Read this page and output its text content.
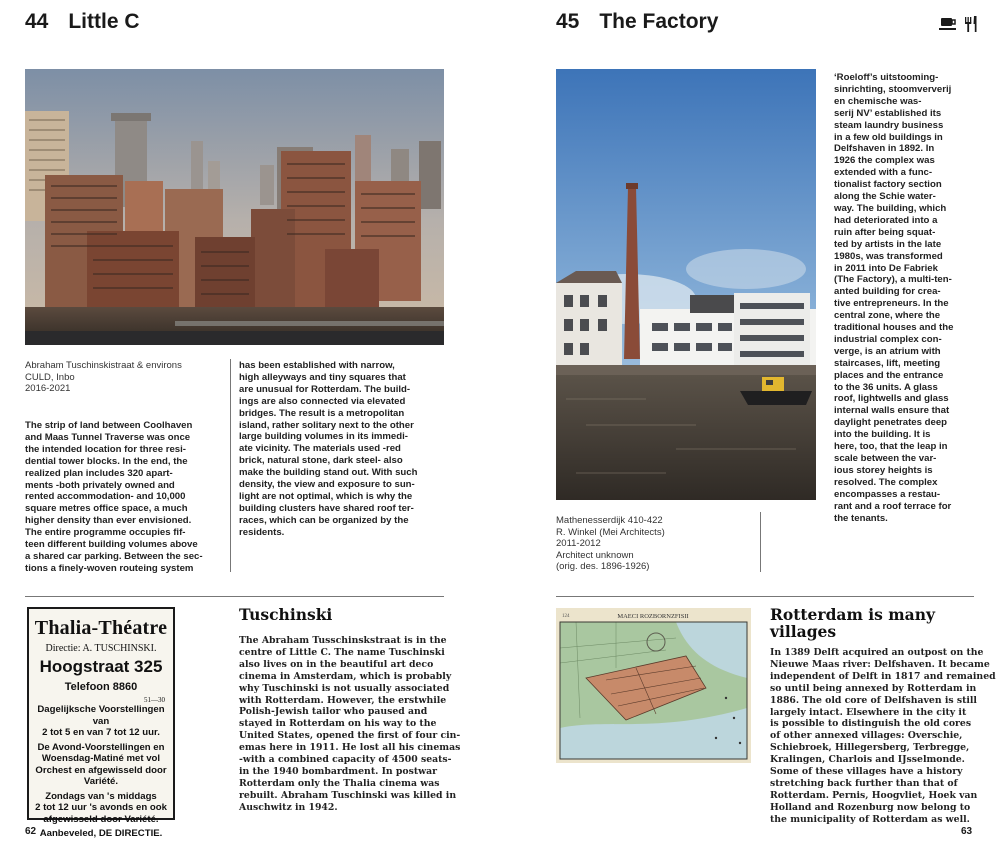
44 Little C
Abraham Tuschinskistraat & environs
CULD, Inbo
2016-2021
The strip of land between Coolhaven
and Maas Tunnel Traverse was once
the intended location for three resi-
dential tower blocks. In the end, the
realized plan includes 320 apart-
ments -both privately owned and
rented accommodation- and 10,000
square metres office space, a much
higher density than ever envisioned.
The entire programme occupies fif-
teen different building volumes above
a shared car parking. Between the sec-
tions a finely-woven routeing system
has been established with narrow,
high alleyways and tiny squares that
are unusual for Rotterdam. The build-
ings are also connected via elevated
bridges. The result is a metropolitan
island, rather solitary next to the other
large building volumes in its immedi-
ate vicinity. The materials used -red
brick, natural stone, dark steel- also
make the building stand out. With such
density, the view and exposure to sun-
light are not optimal, which is why the
building clusters have shared roof ter-
races, which can be organized by the
residents.
Thalia-Théatre
Directie: A. TUSCHINSKI.
Hoogstraat 325
Telefoon 8860
51—30
Dagelijksche Voorstellingen van
2 tot 5 en van 7 tot 12 uur.
De Avond-Voorstellingen en
Woensdag-Matiné met vol
Orchest en afgewisseld door
Variété.
Zondags van 's middags
2 tot 12 uur 's avonds en ook
afgewisseld door Variété.
Aanbeveled, DE DIRECTIE.
Tuschinski
The Abraham Tusschinskstraat is in the
centre of Little C. The name Tuschinski
also lives on in the beautiful art deco
cinema in Amsterdam, which is probably
why Tuschinski is not usually associated
with Rotterdam. However, the erstwhile
Polish-Jewish tailor who paused and
stayed in Rotterdam on his way to the
United States, opened the first of four cin-
emas here in 1911. He lost all his cinemas
-with a combined capacity of 4500 seats-
in the 1940 bombardment. In postwar
Rotterdam only the Thalia cinema was
rebuilt. Abraham Tuschinski was killed in
Auschwitz in 1942.
62
45 The Factory
Mathenesserdijk 410-422
R. Winkel (Mei Architects)
2011-2012
Architect unknown
(orig. des. 1896-1926)
‘Roeloff’s uitstooming-
sinrichting, stoomververij
en chemische was-
serij NV’ established its
steam laundry business
in a few old buildings in
Delfshaven in 1892. In
1926 the complex was
extended with a func-
tionalist factory section
along the Schie water-
way. The building, which
had deteriorated into a
ruin after being squat-
ted by artists in the late
1980s, was transformed
in 2011 into De Fabriek
(The Factory), a multi-ten-
anted building for crea-
tive entrepreneurs. In the
central zone, where the
traditional houses and the
industrial complex con-
verge, is an atrium with
staircases, lift, meeting
places and the entrance
to the 36 units. A glass
roof, lightwells and glass
internal walls ensure that
daylight penetrates deep
into the building. It is
here, too, that the leap in
scale between the var-
ious storey heights is
resolved. The complex
encompasses a restau-
rant and a roof terrace for
the tenants.
MAECI ROZBORNZFISII
124	Rotterdam is many
villages
In 1389 Delft acquired an outpost on the
Nieuwe Maas river: Delfshaven. It became
independent of Delft in 1817 and remained
so until being annexed by Rotterdam in
1886. The old core of Delfshaven is still
largely intact. Elsewhere in the city it
is possible to distinguish the old cores
of other annexed villages: Overschie,
Schiebroek, Hillegersberg, Terbregge,
Kralingen, Charlois and IJsselmonde.
Some of these villages have a history
stretching back further than that of
Rotterdam. Pernis, Hoogvliet, Hoek van
Holland and Rozenburg now belong to
the municipality of Rotterdam as well.
63
